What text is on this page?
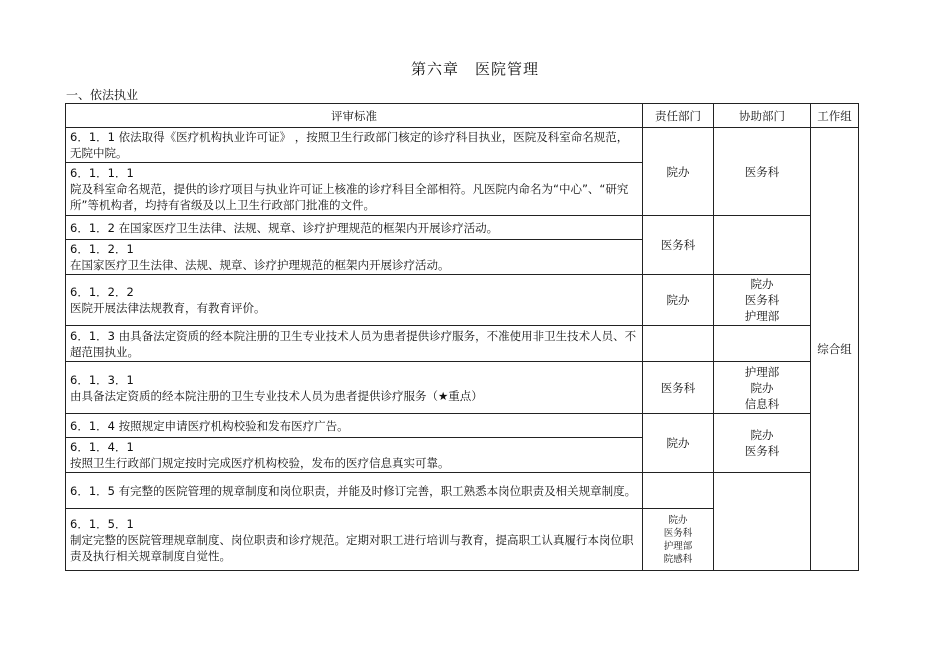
第六章　医院管理
一、依法执业
评审标准	责任部门	协助部门	工作组
6．1．1 依法取得《医疗机构执业许可证》 ，按照卫生行政部门核定的诊疗科目执业，医院及科室命名规范，无院中院。	院办	医务科	综合组

6．1．1．1
院及科室命名规范，提供的诊疗项目与执业许可证上核准的诊疗科目全部相符。凡医院内命名为“中心”、“研究所”等机构者，均持有省级及以上卫生行政部门批准的文件。			
6．1．2 在国家医疗卫生法律、法规、规章、诊疗护理规范的框架内开展诊疗活动。	医务科		

6．1．2．1
在国家医疗卫生法律、法规、规章、诊疗护理规范的框架内开展诊疗活动。			

6．1．2．2
医院开展法律法规教育，有教育评价。	院办	院办
医务科
护理部	

6．1．3 由具备法定资质的经本院注册的卫生专业技术人员为患者提供诊疗服务，不准使用非卫生技术人员、不超范围执业。			

6．1．3．1
由具备法定资质的经本院注册的卫生专业技术人员为患者提供诊疗服务（★重点）	医务科	护理部
院办
信息科	

6．1．4 按照规定申请医疗机构校验和发布医疗广告。	院办	院办
医务科	

6．1．4．1
按照卫生行政部门规定按时完成医疗机构校验，发布的医疗信息真实可靠。			
6．1．5 有完整的医院管理的规章制度和岗位职责，并能及时修订完善，职工熟悉本岗位职责及相关规章制度。			

6．1．5．1
制定完整的医院管理规章制度、岗位职责和诊疗规范。定期对职工进行培训与教育，提高职工认真履行本岗位职责及执行相关规章制度自觉性。	院办
医务科
护理部
院感科		
